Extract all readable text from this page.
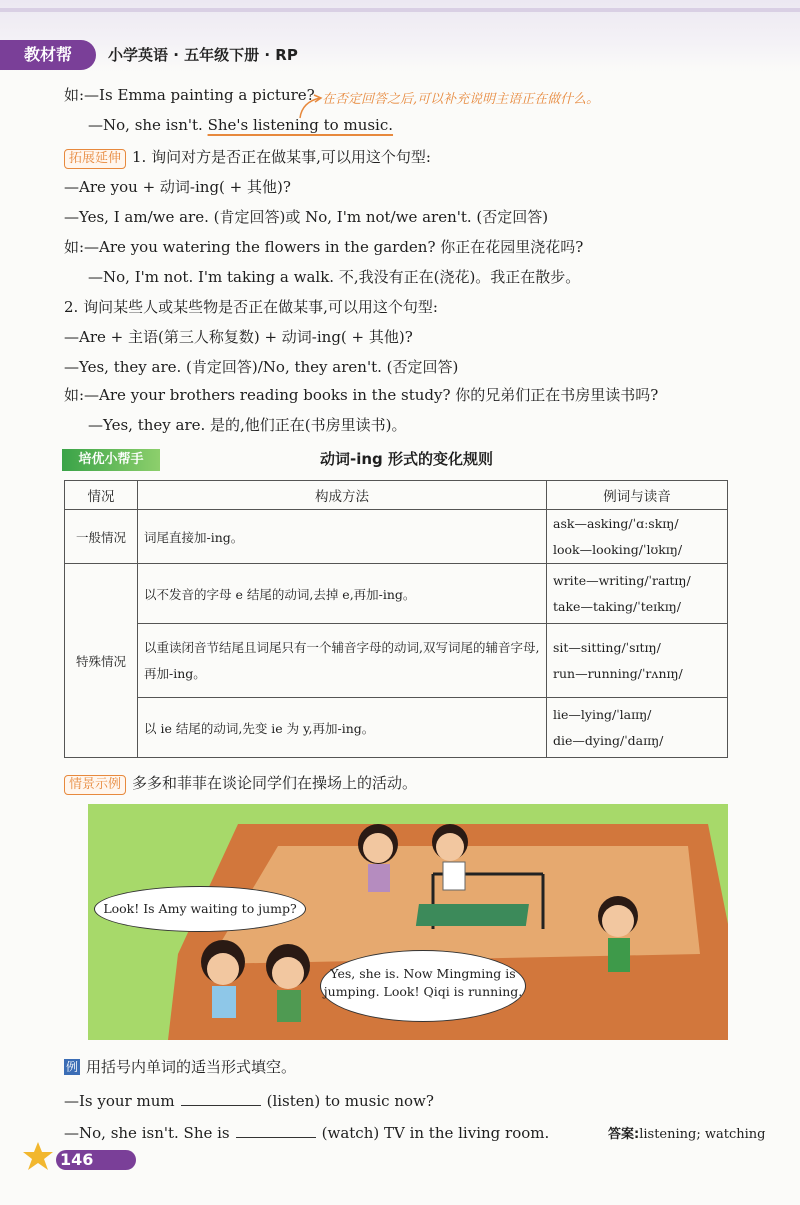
教材帮	小学英语 · 五年级下册 · RP
如:—Is Emma painting a picture? 在否定回答之后,可以补充说明主语正在做什么。
—No, she isn't. She's listening to music.
拓展延伸 1. 询问对方是否正在做某事,可以用这个句型:
—Are you + 动词-ing( + 其他)?
—Yes, I am/we are. (肯定回答)或 No, I'm not/we aren't. (否定回答)
如:—Are you watering the flowers in the garden? 你正在花园里浇花吗?
—No, I'm not. I'm taking a walk. 不,我没有正在(浇花)。我正在散步。
2. 询问某些人或某些物是否正在做某事,可以用这个句型:
—Are + 主语(第三人称复数) + 动词-ing( + 其他)?
—Yes, they are. (肯定回答)/No, they aren't. (否定回答)
如:—Are your brothers reading books in the study? 你的兄弟们正在书房里读书吗?
—Yes, they are. 是的,他们正在(书房里读书)。
培优小帮手	动词-ing 形式的变化规则
情况	构成方法	例词与读音
一般情况	词尾直接加-ing。	ask—asking/ˈɑːskɪŋ/
look—looking/ˈlʊkɪŋ/

特殊情况	以不发音的字母 e 结尾的动词,去掉 e,再加-ing。	write—writing/ˈraɪtɪŋ/
take—taking/ˈteɪkɪŋ/

	以重读闭音节结尾且词尾只有一个辅音字母的动词,双写词尾的辅音字母,再加-ing。	sit—sitting/ˈsɪtɪŋ/
run—running/ˈrʌnɪŋ/

	以 ie 结尾的动词,先变 ie 为 y,再加-ing。	lie—lying/ˈlaɪɪŋ/
die—dying/ˈdaɪɪŋ/
情景示例 多多和菲菲在谈论同学们在操场上的活动。
Look! Is Amy waiting to jump?
Yes, she is. Now Mingming is
jumping. Look! Qiqi is running.
例 用括号内单词的适当形式填空。
—Is your mum	(listen) to music now?
—No, she isn't. She is	(watch) TV in the living room.	答案:listening; watching
146
